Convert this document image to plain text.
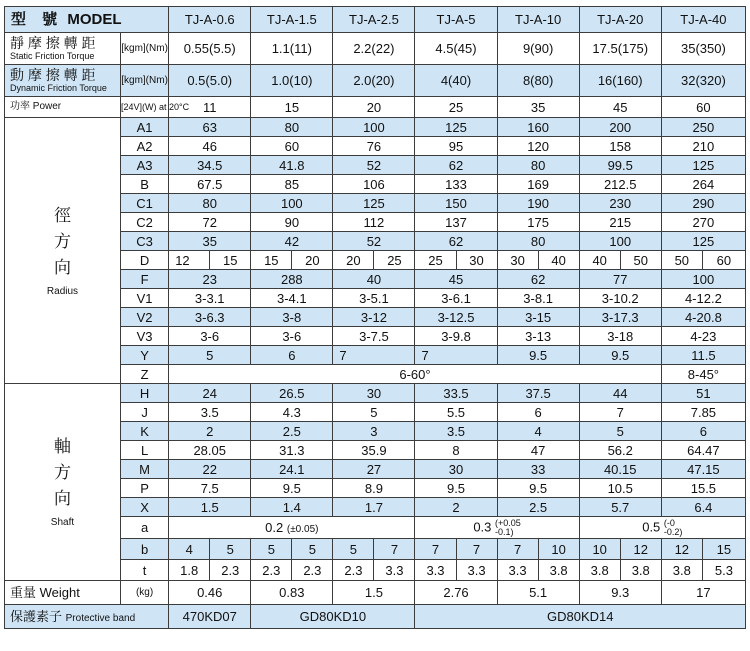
型 號 MODEL		TJ-A-0.6		TJ-A-1.5		TJ-A-2.5		TJ-A-5		TJ-A-10		TJ-A-20		TJ-A-40	

靜 摩 擦 轉 距
Static Friction Torque	[kgm](Nm)	0.55(5.5)		1.1(11)		2.2(22)		4.5(45)		9(90)		17.5(175)		35(350)	

動 摩 擦 轉 距
Dynamic Friction Torque	[kgm](Nm)	0.5(5.0)		1.0(10)		2.0(20)		4(40)		8(80)		16(160)		32(320)	
功率 Power	[24V](W) at 20°C	11		15		20		25		35		45		60	
徑
方
向
Radius	A1	63		80		100		125		160		200		250	
	A2	46		60		76		95		120		158		210	
	A3	34.5		41.8		52		62		80		99.5		125	
	B	67.5		85		106		133		169		212.5		264	
	C1	80		100		125		150		190		230		290	
	C2	72		90		112		137		175		215		270	
	C3	35		42		52		62		80		100		125	
	D	12	15	15	20	20	25	25	30	30	40	40	50	50	60
	F	23		288		40		45		62		77		100	
	V1	3-3.1		3-4.1		3-5.1		3-6.1		3-8.1		3-10.2		4-12.2	
	V2	3-6.3		3-8		3-12		3-12.5		3-15		3-17.3		4-20.8	
	V3	3-6		3-6		3-7.5		3-9.8		3-13		3-18		4-23	
	Y	5		6		7		7		9.5		9.5		11.5	
	Z	6-60°												8-45°	
軸
方
向
Shaft	H	24		26.5		30		33.5		37.5		44		51	
	J	3.5		4.3		5		5.5		6		7		7.85	
	K	2		2.5		3		3.5		4		5		6	
	L	28.05		31.3		35.9		8		47		56.2		64.47	
	M	22		24.1		27		30		33		40.15		47.15	
	P	7.5		9.5		8.9		9.5		9.5		10.5		15.5	
	X	1.5		1.4		1.7		2		2.5		5.7		6.4	
	a	0.2 (±0.05)						0.3 (+0.05
-0.1)				0.5 (-0
-0.2)			
	b	4	5	5	5	5	7	7	7	7	10	10	12	12	15
	t	1.8	2.3	2.3	2.3	2.3	3.3	3.3	3.3	3.3	3.8	3.8	3.8	3.8	5.3
重量 Weight	(kg)	0.46		0.83		1.5		2.76		5.1		9.3		17	
保護素子 Protective band		470KD07		GD80KD10				GD80KD14							
